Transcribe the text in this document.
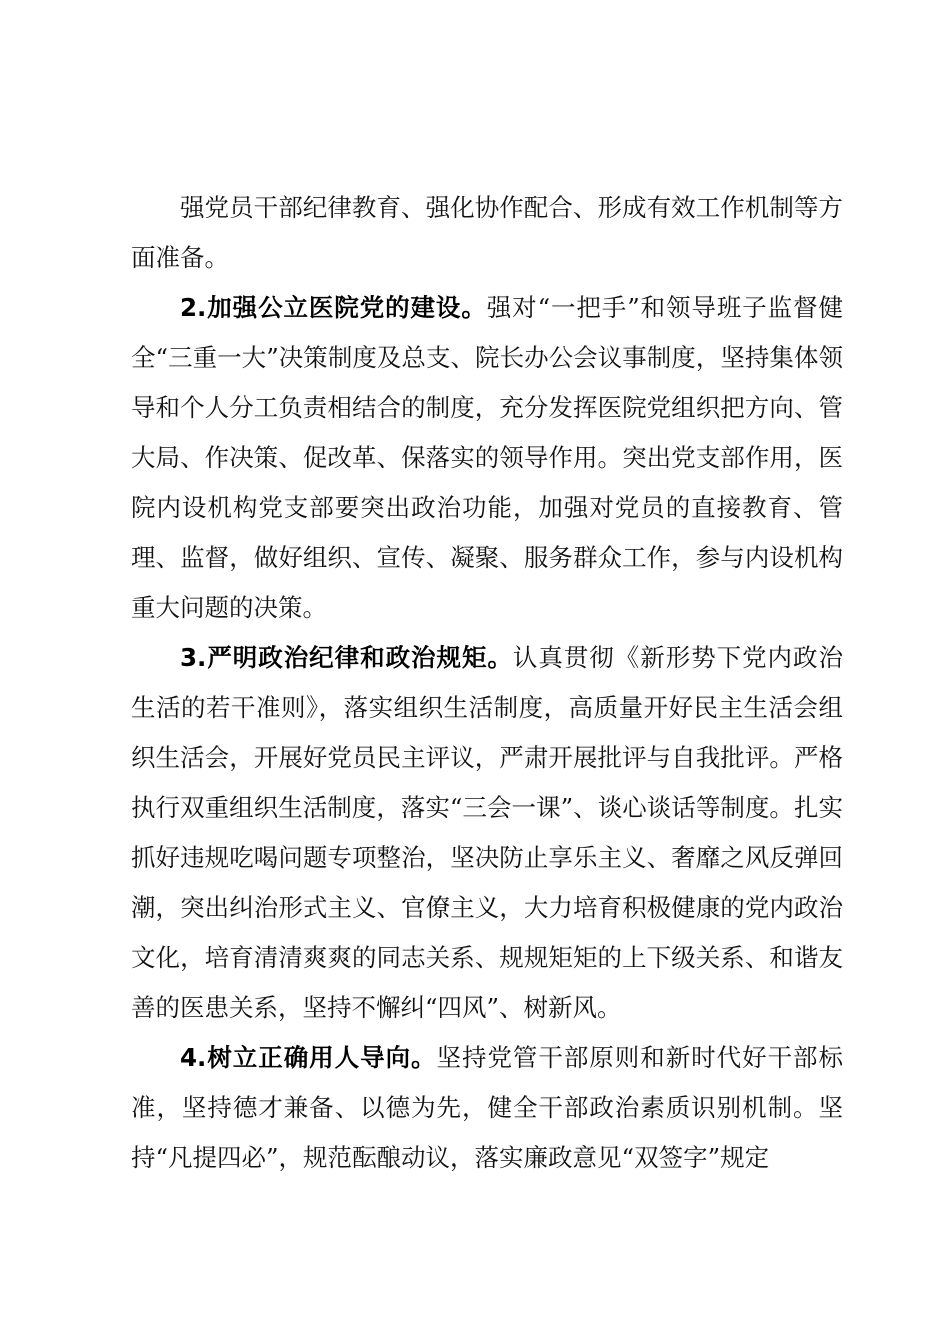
强党员干部纪律教育、强化协作配合、形成有效工作机制等方面准备。

2.加强公立医院党的建设。强对“一把手”和领导班子监督健全“三重一大”决策制度及总支、院长办公会议事制度，坚持集体领导和个人分工负责相结合的制度，充分发挥医院党组织把方向、管大局、作决策、促改革、保落实的领导作用。突出党支部作用，医院内设机构党支部要突出政治功能，加强对党员的直接教育、管理、监督，做好组织、宣传、凝聚、服务群众工作，参与内设机构重大问题的决策。

3.严明政治纪律和政治规矩。认真贯彻《新形势下党内政治生活的若干准则》，落实组织生活制度，高质量开好民主生活会组织生活会，开展好党员民主评议，严肃开展批评与自我批评。严格执行双重组织生活制度，落实“三会一课”、谈心谈话等制度。扎实抓好违规吃喝问题专项整治，坚决防止享乐主义、奢靡之风反弹回潮，突出纠治形式主义、官僚主义，大力培育积极健康的党内政治文化，培育清清爽爽的同志关系、规规矩矩的上下级关系、和谐友善的医患关系，坚持不懈纠“四风”、树新风。

4.树立正确用人导向。坚持党管干部原则和新时代好干部标准，坚持德才兼备、以德为先，健全干部政治素质识别机制。坚持“凡提四必”，规范酝酿动议，落实廉政意见“双签字”规定
